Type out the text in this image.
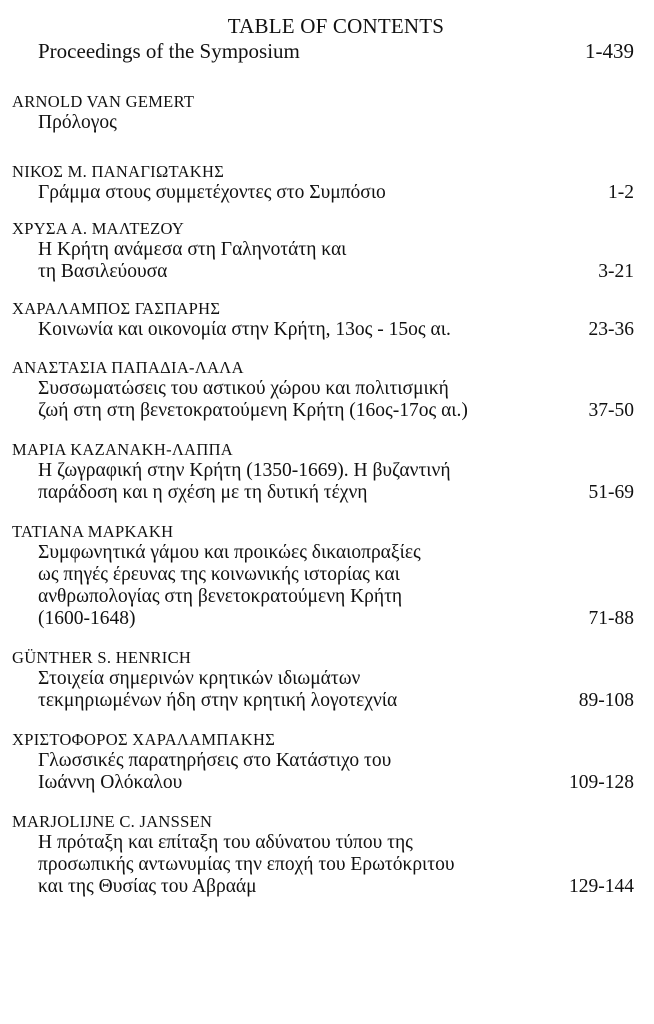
TABLE OF CONTENTS
Proceedings of the Symposium	1-439
ARNOLD VAN GEMERT
Πρόλογος
ΝΙΚΟΣ Μ. ΠΑΝΑΓΙΩΤΑΚΗΣ
Γράμμα στους συμμετέχοντες στο Συμπόσιο	1-2
ΧΡΥΣΑ Α. ΜΑΛΤΕΖΟΥ
Η Κρήτη ανάμεσα στη Γαληνοτάτη και
τη Βασιλεύουσα	3-21
ΧΑΡΑΛΑΜΠΟΣ ΓΑΣΠΑΡΗΣ
Κοινωνία και οικονομία στην Κρήτη, 13ος - 15ος αι.	23-36
ΑΝΑΣΤΑΣΙΑ ΠΑΠΑΔΙΑ-ΛΑΛΑ
Συσσωματώσεις του αστικού χώρου και πολιτισμική
ζωή στη στη βενετοκρατούμενη Κρήτη (16ος-17ος αι.)	37-50
ΜΑΡΙΑ ΚΑΖΑΝΑΚΗ-ΛΑΠΠΑ
Η ζωγραφική στην Κρήτη (1350-1669). Η βυζαντινή
παράδοση και η σχέση με τη δυτική τέχνη	51-69
ΤΑΤΙΑΝΑ ΜΑΡΚΑΚΗ
Συμφωνητικά γάμου και προικώες δικαιοπραξίες
ως πηγές έρευνας της κοινωνικής ιστορίας και
ανθρωπολογίας στη βενετοκρατούμενη Κρήτη
(1600-1648)	71-88
GÜNTHER S. HENRICH
Στοιχεία σημερινών κρητικών ιδιωμάτων
τεκμηριωμένων ήδη στην κρητική λογοτεχνία	89-108
ΧΡΙΣΤΟΦΟΡΟΣ ΧΑΡΑΛΑΜΠΑΚΗΣ
Γλωσσικές παρατηρήσεις στο Κατάστιχο του
Ιωάννη Ολόκαλου	109-128
MARJOLIJNE C. JANSSEN
Η πρόταξη και επίταξη του αδύνατου τύπου της
προσωπικής αντωνυμίας την εποχή του Ερωτόκριτου
και της Θυσίας του Αβραάμ	129-144
